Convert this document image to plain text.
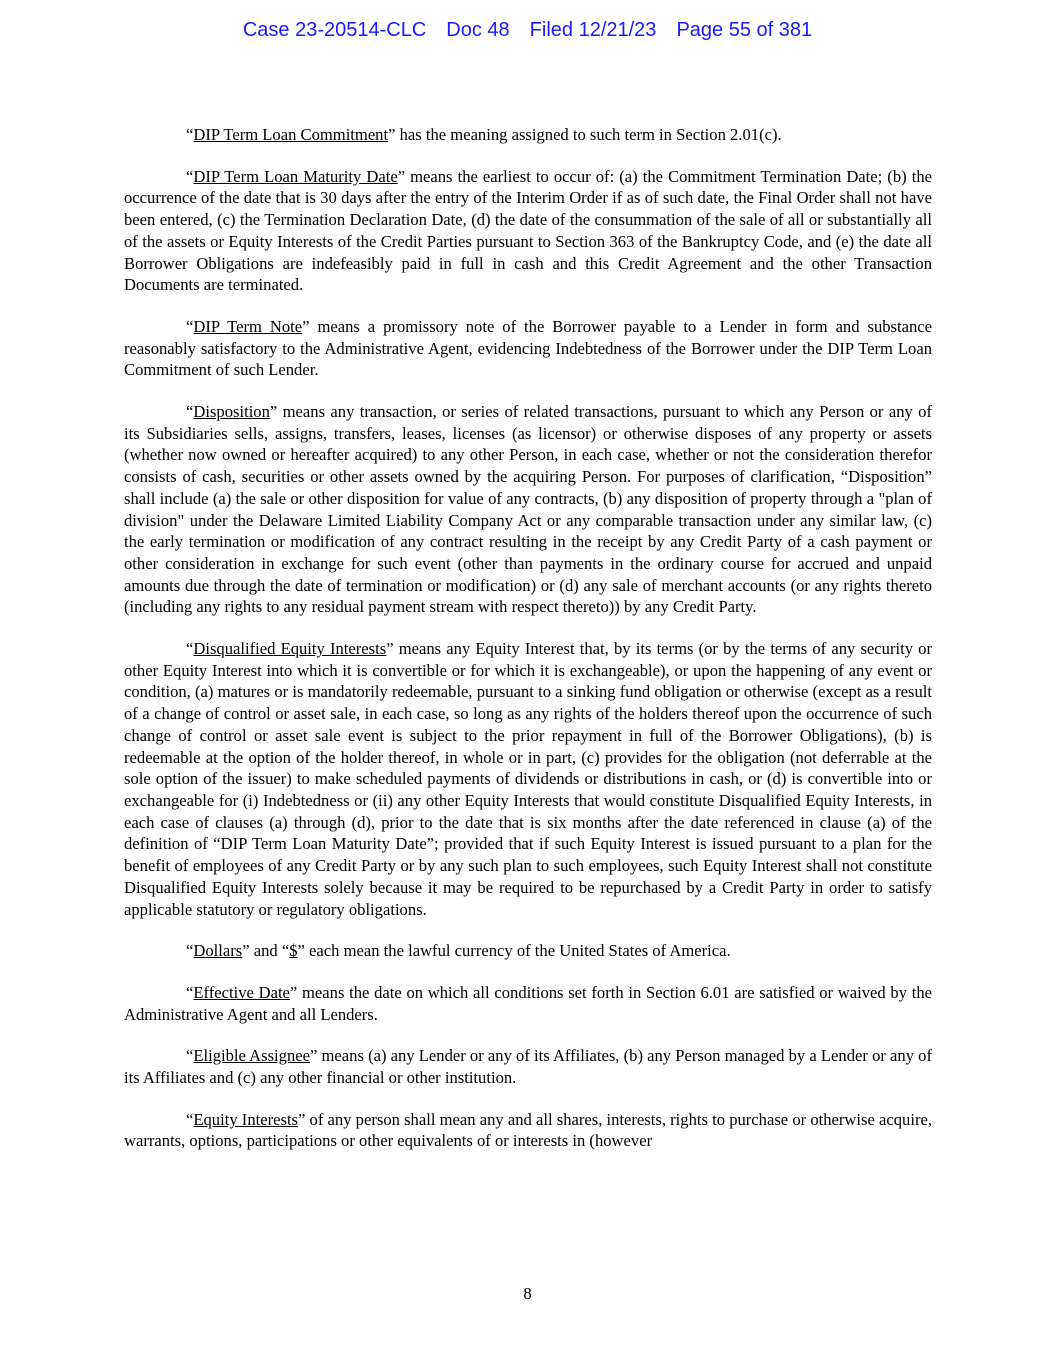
Case 23-20514-CLC Doc 48 Filed 12/21/23 Page 55 of 381

“DIP Term Loan Commitment” has the meaning assigned to such term in Section 2.01(c).

“DIP Term Loan Maturity Date” means the earliest to occur of: (a) the Commitment Termination Date; (b) the occurrence of the date that is 30 days after the entry of the Interim Order if as of such date, the Final Order shall not have been entered, (c) the Termination Declaration Date, (d) the date of the consummation of the sale of all or substantially all of the assets or Equity Interests of the Credit Parties pursuant to Section 363 of the Bankruptcy Code, and (e) the date all Borrower Obligations are indefeasibly paid in full in cash and this Credit Agreement and the other Transaction Documents are terminated.

“DIP Term Note” means a promissory note of the Borrower payable to a Lender in form and substance reasonably satisfactory to the Administrative Agent, evidencing Indebtedness of the Borrower under the DIP Term Loan Commitment of such Lender.

“Disposition” means any transaction, or series of related transactions, pursuant to which any Person or any of its Subsidiaries sells, assigns, transfers, leases, licenses (as licensor) or otherwise disposes of any property or assets (whether now owned or hereafter acquired) to any other Person, in each case, whether or not the consideration therefor consists of cash, securities or other assets owned by the acquiring Person. For purposes of clarification, “Disposition” shall include (a) the sale or other disposition for value of any contracts, (b) any disposition of property through a "plan of division" under the Delaware Limited Liability Company Act or any comparable transaction under any similar law, (c) the early termination or modification of any contract resulting in the receipt by any Credit Party of a cash payment or other consideration in exchange for such event (other than payments in the ordinary course for accrued and unpaid amounts due through the date of termination or modification) or (d) any sale of merchant accounts (or any rights thereto (including any rights to any residual payment stream with respect thereto)) by any Credit Party.

“Disqualified Equity Interests” means any Equity Interest that, by its terms (or by the terms of any security or other Equity Interest into which it is convertible or for which it is exchangeable), or upon the happening of any event or condition, (a) matures or is mandatorily redeemable, pursuant to a sinking fund obligation or otherwise (except as a result of a change of control or asset sale, in each case, so long as any rights of the holders thereof upon the occurrence of such change of control or asset sale event is subject to the prior repayment in full of the Borrower Obligations), (b) is redeemable at the option of the holder thereof, in whole or in part, (c) provides for the obligation (not deferrable at the sole option of the issuer) to make scheduled payments of dividends or distributions in cash, or (d) is convertible into or exchangeable for (i) Indebtedness or (ii) any other Equity Interests that would constitute Disqualified Equity Interests, in each case of clauses (a) through (d), prior to the date that is six months after the date referenced in clause (a) of the definition of “DIP Term Loan Maturity Date”; provided that if such Equity Interest is issued pursuant to a plan for the benefit of employees of any Credit Party or by any such plan to such employees, such Equity Interest shall not constitute Disqualified Equity Interests solely because it may be required to be repurchased by a Credit Party in order to satisfy applicable statutory or regulatory obligations.

“Dollars” and “$” each mean the lawful currency of the United States of America.

“Effective Date” means the date on which all conditions set forth in Section 6.01 are satisfied or waived by the Administrative Agent and all Lenders.

“Eligible Assignee” means (a) any Lender or any of its Affiliates, (b) any Person managed by a Lender or any of its Affiliates and (c) any other financial or other institution.

“Equity Interests” of any person shall mean any and all shares, interests, rights to purchase or otherwise acquire, warrants, options, participations or other equivalents of or interests in (however

8
